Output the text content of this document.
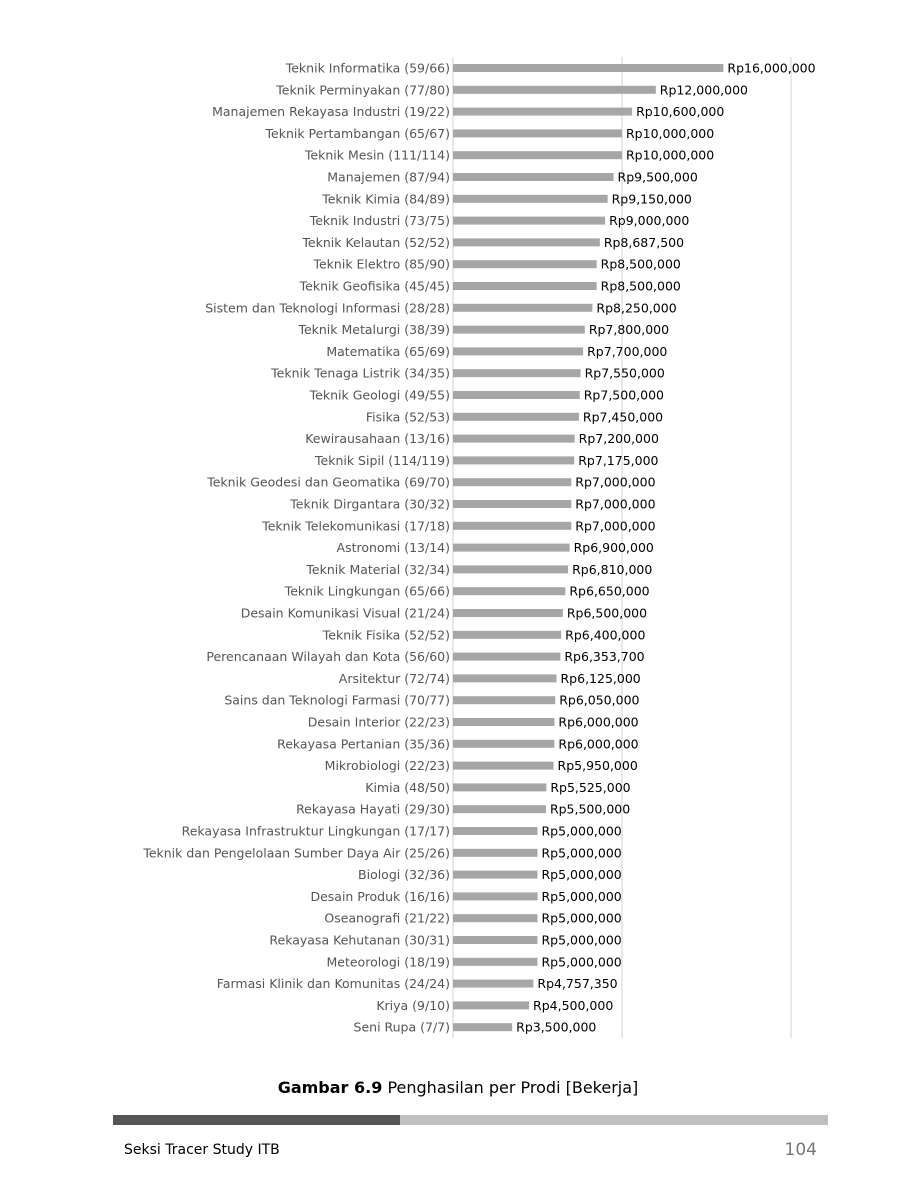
Teknik Informatika (59/66)
Teknik Perminyakan (77/80)
Manajemen Rekayasa Industri (19/22)
Teknik Pertambangan (65/67)
Teknik Mesin (111/114)
Manajemen (87/94)
Teknik Kimia (84/89)
Teknik Industri (73/75)
Teknik Kelautan (52/52)
Teknik Elektro (85/90)
Teknik Geofisika (45/45)
Sistem dan Teknologi Informasi (28/28)
Teknik Metalurgi (38/39)
Matematika (65/69)
Teknik Tenaga Listrik (34/35)
Teknik Geologi (49/55)
Fisika (52/53)
Kewirausahaan (13/16)
Teknik Sipil (114/119)
Teknik Geodesi dan Geomatika (69/70)
Teknik Dirgantara (30/32)
Teknik Telekomunikasi (17/18)
Astronomi (13/14)
Teknik Material (32/34)
Teknik Lingkungan (65/66)
Desain Komunikasi Visual (21/24)
Teknik Fisika (52/52)
Perencanaan Wilayah dan Kota (56/60)
Arsitektur (72/74)
Sains dan Teknologi Farmasi (70/77)
Desain Interior (22/23)
Rekayasa Pertanian (35/36)
Mikrobiologi (22/23)
Kimia (48/50)
Rekayasa Hayati (29/30)
Rekayasa Infrastruktur Lingkungan (17/17)
Teknik dan Pengelolaan Sumber Daya Air (25/26)
Biologi (32/36)
Desain Produk (16/16)
Oseanografi (21/22)
Rekayasa Kehutanan (30/31)
Meteorologi (18/19)
Farmasi Klinik dan Komunitas (24/24)
Kriya (9/10)
Seni Rupa (7/7)
Rp16,000,000
Rp12,000,000
Rp10,600,000
Rp10,000,000
Rp10,000,000
Rp9,500,000
Rp9,150,000
Rp9,000,000
Rp8,687,500
Rp8,500,000
Rp8,500,000
Rp8,250,000
Rp7,800,000
Rp7,700,000
Rp7,550,000
Rp7,500,000
Rp7,450,000
Rp7,200,000
Rp7,175,000
Rp7,000,000
Rp7,000,000
Rp7,000,000
Rp6,900,000
Rp6,810,000
Rp6,650,000
Rp6,500,000
Rp6,400,000
Rp6,353,700
Rp6,125,000
Rp6,050,000
Rp6,000,000
Rp6,000,000
Rp5,950,000
Rp5,525,000
Rp5,500,000
Rp5,000,000
Rp5,000,000
Rp5,000,000
Rp5,000,000
Rp5,000,000
Rp5,000,000
Rp5,000,000
Rp4,757,350
Rp4,500,000
Rp3,500,000
Gambar 6.9 Penghasilan per Prodi [Bekerja]
Seksi Tracer Study ITB	104
